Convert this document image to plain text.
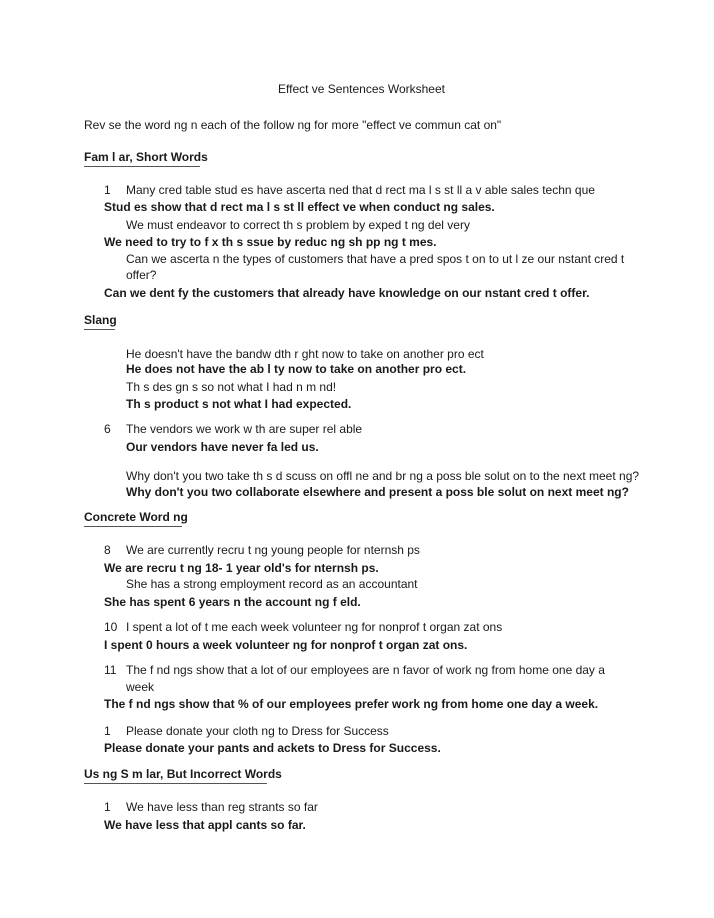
Effect ve Sentences Worksheet
Rev se the word ng n each of the follow ng for more "effect ve commun cat on"
Fam l ar, Short Words
1 Many cred table stud es have ascerta ned that d rect ma l s st ll a v able sales techn que
Stud es show that d rect ma l s st ll effect ve when conduct ng sales.
We must endeavor to correct th s problem by exped t ng del very
We need to try to f x th s ssue by reduc ng sh pp ng t mes.
Can we ascerta n the types of customers that have a pred spos t on to ut l ze our nstant cred t
offer?
Can we dent fy the customers that already have knowledge on our nstant cred t offer.
Slang
He doesn't have the bandw dth r ght now to take on another pro ect
He does not have the ab l ty now to take on another pro ect.
Th s des gn s so not what I had n m nd!
Th s product s not what I had expected.
6 The vendors we work w th are super rel able
Our vendors have never fa led us.
Why don't you two take th s d scuss on offl ne and br ng a poss ble solut on to the next meet ng?
Why don't you two collaborate elsewhere and present a poss ble solut on next meet ng?
Concrete Word ng
8 We are currently recru t ng young people for nternsh ps
We are recru t ng 18- 1 year old's for nternsh ps.
She has a strong employment record as an accountant
She has spent 6 years n the account ng f eld.
10 I spent a lot of t me each week volunteer ng for nonprof t organ zat ons
I spent 0 hours a week volunteer ng for nonprof t organ zat ons.
11 The f nd ngs show that a lot of our employees are n favor of work ng from home one day a
week
The f nd ngs show that % of our employees prefer work ng from home one day a week.
1 Please donate your cloth ng to Dress for Success
Please donate your pants and ackets to Dress for Success.
Us ng S m lar, But Incorrect Words
1 We have less than reg strants so far
We have less that appl cants so far.
